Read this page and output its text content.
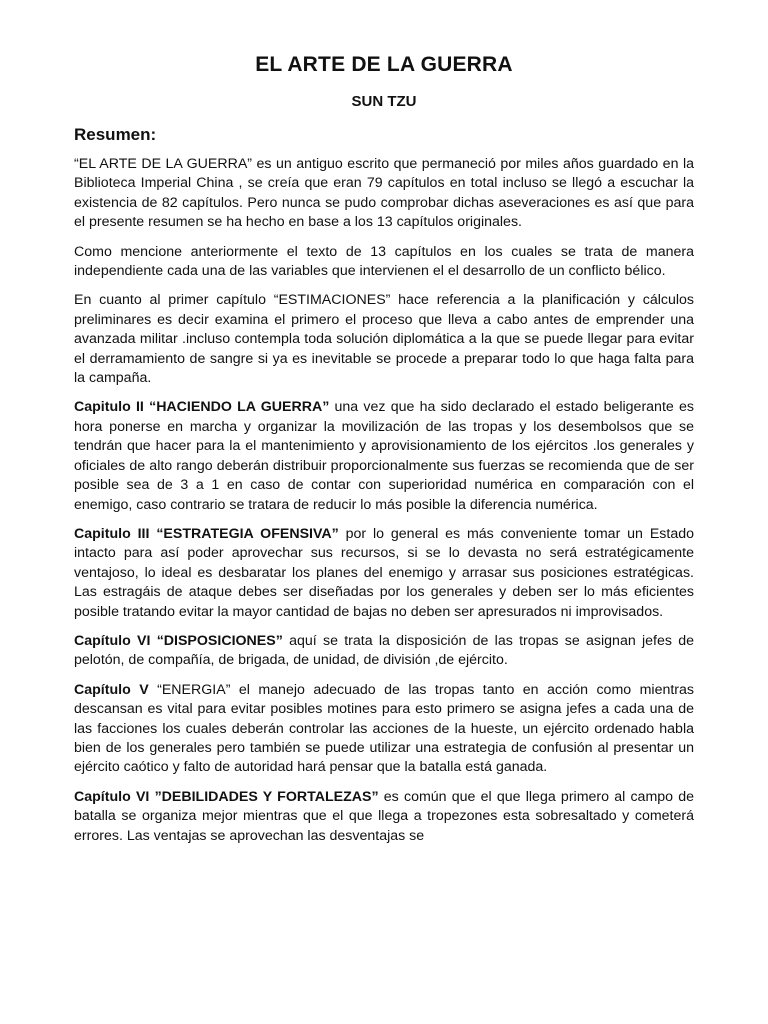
EL ARTE DE LA GUERRA
SUN TZU
Resumen:

“EL ARTE DE LA GUERRA” es un antiguo escrito que permaneció por miles años guardado en la Biblioteca Imperial China , se creía que eran 79 capítulos en total incluso se llegó a escuchar la existencia de 82 capítulos. Pero nunca se pudo comprobar dichas aseveraciones es así que para el presente resumen se ha hecho en base a los 13 capítulos originales.

Como mencione anteriormente el texto de 13 capítulos en los cuales se trata de manera independiente cada una de las variables que intervienen el el desarrollo de un conflicto bélico.

En cuanto al primer capítulo “ESTIMACIONES” hace referencia a la planificación y cálculos preliminares es decir examina el primero el proceso que lleva a cabo antes de emprender una avanzada militar .incluso contempla toda solución diplomática a la que se puede llegar para evitar el derramamiento de sangre si ya es inevitable se procede a preparar todo lo que haga falta para la campaña.

Capitulo II “HACIENDO LA GUERRA” una vez que ha sido declarado el estado beligerante es hora ponerse en marcha y organizar la movilización de las tropas y los desembolsos que se tendrán que hacer para la el mantenimiento y aprovisionamiento de los ejércitos .los generales y oficiales de alto rango deberán distribuir proporcionalmente sus fuerzas se recomienda que de ser posible sea de 3 a 1 en caso de contar con superioridad numérica en comparación con el enemigo, caso contrario se tratara de reducir lo más posible la diferencia numérica.

Capitulo III “ESTRATEGIA OFENSIVA” por lo general es más conveniente tomar un Estado intacto para así poder aprovechar sus recursos, si se lo devasta no será estratégicamente ventajoso, lo ideal es desbaratar los planes del enemigo y arrasar sus posiciones estratégicas. Las estragáis de ataque debes ser diseñadas por los generales y deben ser lo más eficientes posible tratando evitar la mayor cantidad de bajas no deben ser apresurados ni improvisados.

Capítulo VI “DISPOSICIONES” aquí se trata la disposición de las tropas se asignan jefes de pelotón, de compañía, de brigada, de unidad, de división ,de ejército.

Capítulo V “ENERGIA” el manejo adecuado de las tropas tanto en acción como mientras descansan es vital para evitar posibles motines para esto primero se asigna jefes a cada una de las facciones los cuales deberán controlar las acciones de la hueste, un ejército ordenado habla bien de los generales pero también se puede utilizar una estrategia de confusión al presentar un ejército caótico y falto de autoridad hará pensar que la batalla está ganada.

Capítulo VI ”DEBILIDADES Y FORTALEZAS” es común que el que llega primero al campo de batalla se organiza mejor mientras que el que llega a tropezones esta sobresaltado y cometerá errores. Las ventajas se aprovechan las desventajas se
